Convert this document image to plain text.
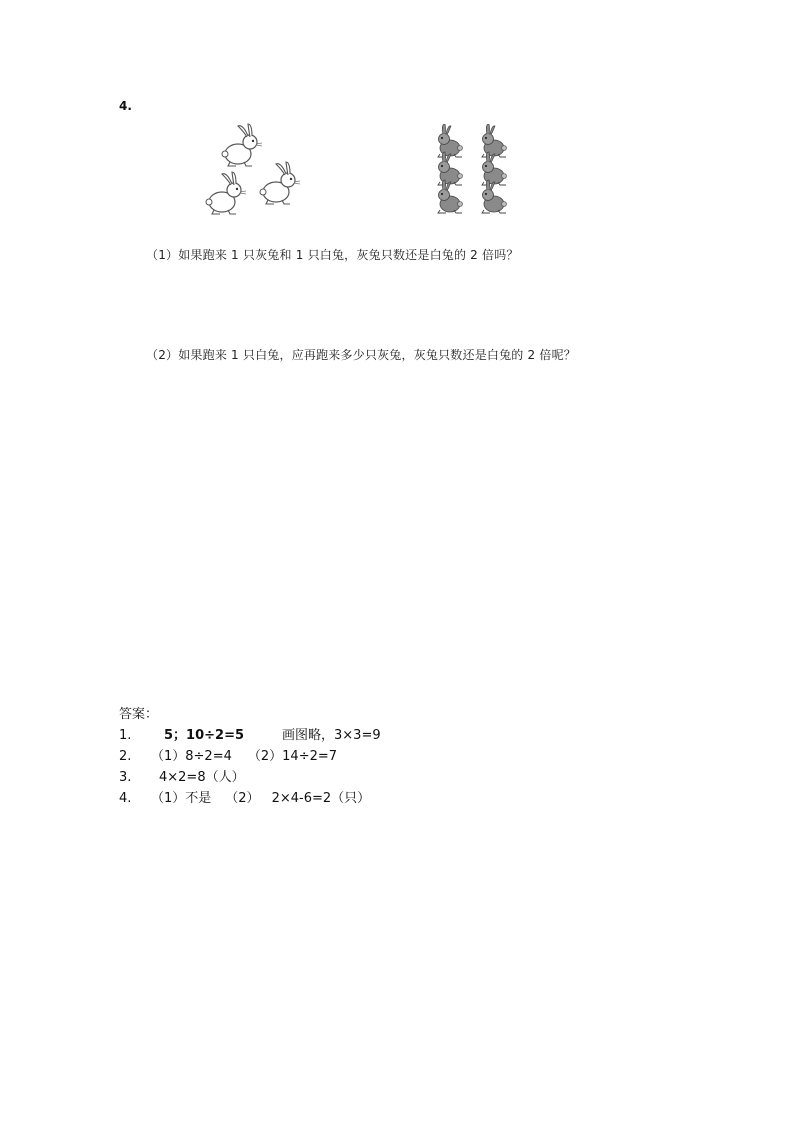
4.
（1）如果跑来 1 只灰兔和 1 只白兔，灰兔只数还是白兔的 2 倍吗？
（2）如果跑来 1 只白兔，应再跑来多少只灰兔，灰兔只数还是白兔的 2 倍呢？
答案：
1.	5；10÷2=5	画图略，3×3=9
2. （1）8÷2=4 （2）14÷2=7
3. 4×2=8（人）
4. （1）不是 （2） 2×4-6=2（只）
